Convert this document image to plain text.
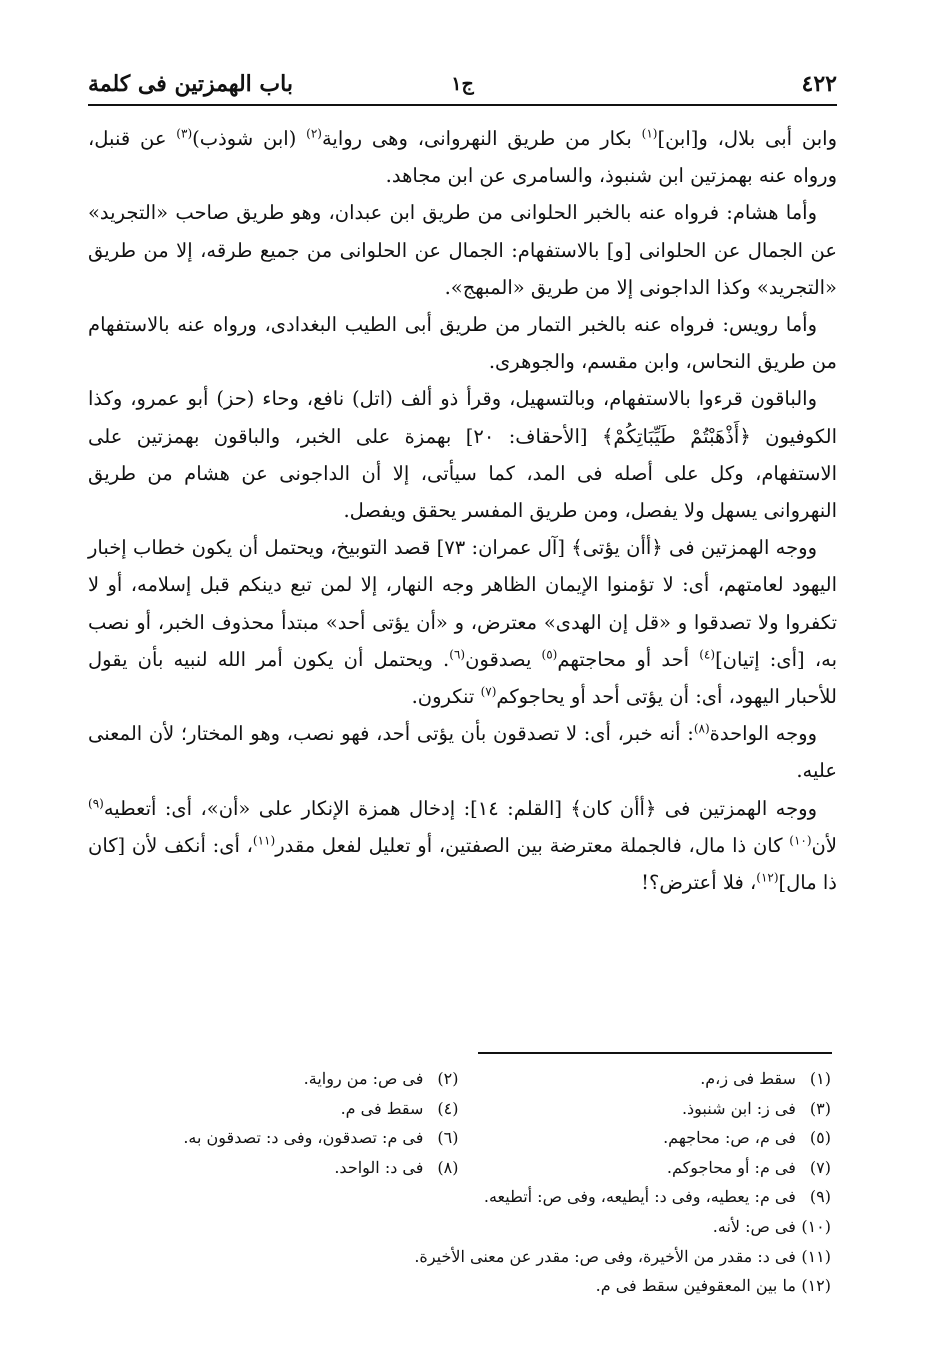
٤٢٢
ج١
باب الهمزتين فى كلمة

وابن أبى بلال، و[ابن]$^{(١)}$ بكار من طريق النهروانى، وهى رواية$^{(٢)}$ (ابن شوذب)$^{(٣)}$ عن قنبل، ورواه عنه بهمزتين ابن شنبوذ، والسامرى عن ابن مجاهد.

وأما هشام: فرواه عنه بالخبر الحلوانى من طريق ابن عبدان، وهو طريق صاحب «التجريد» عن الجمال عن الحلوانى [و] بالاستفهام: الجمال عن الحلوانى من جميع طرقه، إلا من طريق «التجريد» وكذا الداجونى إلا من طريق «المبهج».

وأما رويس: فرواه عنه بالخبر التمار من طريق أبى الطيب البغدادى، ورواه عنه بالاستفهام من طريق النحاس، وابن مقسم، والجوهرى.

والباقون قرءوا بالاستفهام، وبالتسهيل، وقرأ ذو ألف (اتل) نافع، وحاء (حز) أبو عمرو، وكذا الكوفيون ﴿أَذْهَبْتُمْ طَيِّبَاتِكُمْ﴾ [الأحقاف: ٢٠] بهمزة على الخبر، والباقون بهمزتين على الاستفهام، وكل على أصله فى المد، كما سيأتى، إلا أن الداجونى عن هشام من طريق النهروانى يسهل ولا يفصل، ومن طريق المفسر يحقق ويفصل.

ووجه الهمزتين فى ﴿أأن يؤتى﴾ [آل عمران: ٧٣] قصد التوبيخ، ويحتمل أن يكون خطاب إخبار اليهود لعامتهم، أى: لا تؤمنوا الإيمان الظاهر وجه النهار، إلا لمن تبع دينكم قبل إسلامه، أو لا تكفروا ولا تصدقوا و «قل إن الهدى» معترض، و «أن يؤتى أحد» مبتدأ محذوف الخبر، أو نصب به، [أى: إتيان]$^{(٤)}$ أحد أو محاجتهم$^{(٥)}$ يصدقون$^{(٦)}$. ويحتمل أن يكون أمر الله لنبيه بأن يقول للأحبار اليهود، أى: أن يؤتى أحد أو يحاجوكم$^{(٧)}$ تنكرون.

ووجه الواحدة$^{(٨)}$: أنه خبر، أى: لا تصدقون بأن يؤتى أحد، فهو نصب، وهو المختار؛ لأن المعنى عليه.

ووجه الهمزتين فى ﴿أأن كان﴾ [القلم: ١٤]: إدخال همزة الإنكار على «أن»، أى: أتعطيه$^{(٩)}$ لأن$^{(١٠)}$ كان ذا مال، فالجملة معترضة بين الصفتين، أو تعليل لفعل مقدر$^{(١١)}$، أى: أنكف لأن [كان ذا مال]$^{(١٢)}$، فلا أعترض؟!

(١) سقط فى ز،م.
(٢) فى ص: من رواية.
(٣) فى ز: ابن شنبوذ.
(٤) سقط فى م.
(٥) فى م، ص: محاجهم.
(٦) فى م: تصدقون، وفى د: تصدقون به.
(٧) فى م: أو محاجوكم.
(٨) فى د: الواحد.
(٩) فى م: يعطيه، وفى د: أيطيعه، وفى ص: أتطيعه.
(١٠) فى ص: لأنه.
(١١) فى د: مقدر من الأخيرة، وفى ص: مقدر عن معنى الأخيرة.
(١٢) ما بين المعقوفين سقط فى م.
